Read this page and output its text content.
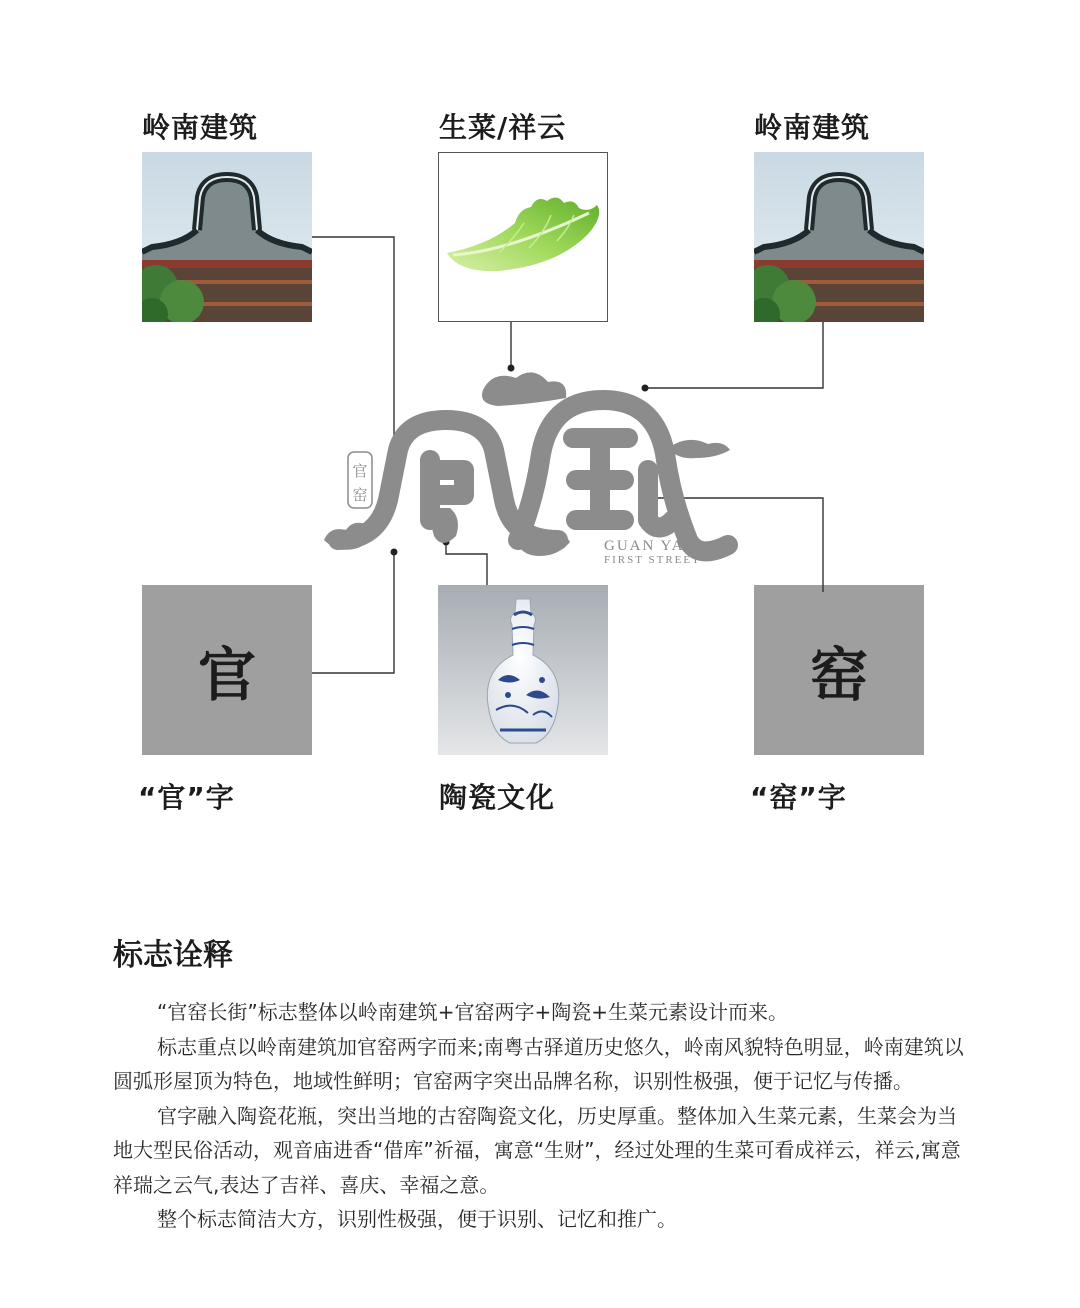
岭南建筑	生菜/祥云	岭南建筑
“官”字	陶瓷文化	“窑”字
官	窑
官
窑
GUAN YAO
FIRST STREET
标志诠释

“官窑长街”标志整体以岭南建筑+官窑两字+陶瓷+生菜元素设计而来。

标志重点以岭南建筑加官窑两字而来;南粤古驿道历史悠久，岭南风貌特色明显，岭南建筑以圆弧形屋顶为特色，地域性鲜明；官窑两字突出品牌名称，识别性极强，便于记忆与传播。

官字融入陶瓷花瓶，突出当地的古窑陶瓷文化，历史厚重。整体加入生菜元素，生菜会为当地大型民俗活动，观音庙进香“借库”祈福，寓意“生财”，经过处理的生菜可看成祥云，祥云,寓意祥瑞之云气,表达了吉祥、喜庆、幸福之意。

整个标志简洁大方，识别性极强，便于识别、记忆和推广。
